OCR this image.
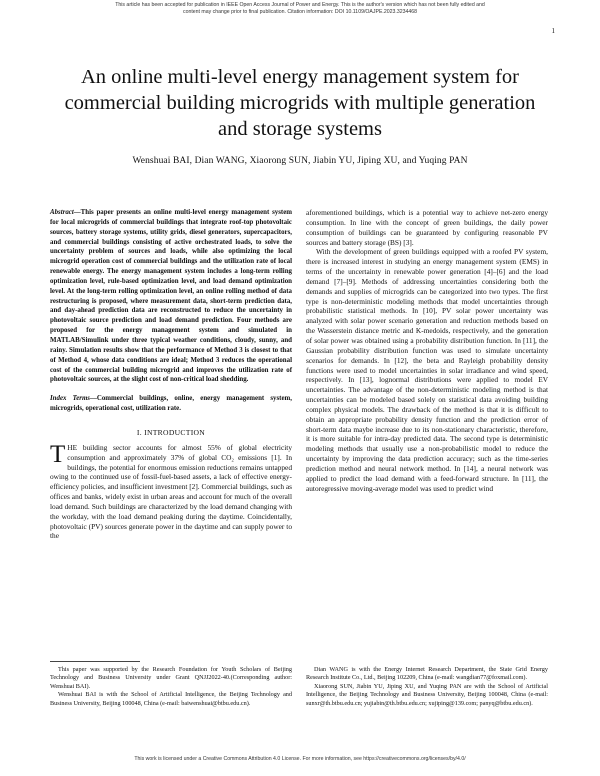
This article has been accepted for publication in IEEE Open Access Journal of Power and Energy. This is the author's version which has not been fully edited and content may change prior to final publication. Citation information: DOI 10.1109/OAJPE.2023.3234468
1
An online multi-level energy management system for commercial building microgrids with multiple generation and storage systems
Wenshuai BAI, Dian WANG, Xiaorong SUN, Jiabin YU, Jiping XU, and Yuqing PAN

Abstract—This paper presents an online multi-level energy management system for local microgrids of commercial buildings that integrate roof-top photovoltaic sources, battery storage systems, utility grids, diesel generators, supercapacitors, and commercial buildings consisting of active orchestrated loads, to solve the uncertainty problem of sources and loads, while also optimizing the local microgrid operation cost of commercial buildings and the utilization rate of local renewable energy. The energy management system includes a long-term rolling optimization level, rule-based optimization level, and load demand optimization level. At the long-term rolling optimization level, an online rolling method of data restructuring is proposed, where measurement data, short-term prediction data, and day-ahead prediction data are reconstructed to reduce the uncertainty in photovoltaic source prediction and load demand prediction. Four methods are proposed for the energy management system and simulated in MATLAB/Simulink under three typical weather conditions, cloudy, sunny, and rainy. Simulation results show that the performance of Method 3 is closest to that of Method 4, whose data conditions are ideal; Method 3 reduces the operational cost of the commercial building microgrid and improves the utilization rate of photovoltaic sources, at the slight cost of non-critical load shedding.

Index Terms—Commercial buildings, online, energy management system, microgrids, operational cost, utilization rate.

I. INTRODUCTION

THE building sector accounts for almost 55% of global electricity consumption and approximately 37% of global CO₂ emissions [1]. In buildings, the potential for enormous emission reductions remains untapped owing to the continued use of fossil-fuel-based assets, a lack of effective energy-efficiency policies, and insufficient investment [2]. Commercial buildings, such as offices and banks, widely exist in urban areas and account for much of the overall load demand. Such buildings are characterized by the load demand changing with the workday, with the load demand peaking during the daytime. Coincidentally, photovoltaic (PV) sources generate power in the daytime and can supply power to the

aforementioned buildings, which is a potential way to achieve net-zero energy consumption. In line with the concept of green buildings, the daily power consumption of buildings can be guaranteed by configuring reasonable PV sources and battery storage (BS) [3].

With the development of green buildings equipped with a roofed PV system, there is increased interest in studying an energy management system (EMS) in terms of the uncertainty in renewable power generation [4]–[6] and the load demand [7]–[9]. Methods of addressing uncertainties considering both the demands and supplies of microgrids can be categorized into two types. The first type is non-deterministic modeling methods that model uncertainties through probabilistic statistical methods. In [10], PV solar power uncertainty was analyzed with solar power scenario generation and reduction methods based on the Wasserstein distance metric and K-medoids, respectively, and the generation of solar power was obtained using a probability distribution function. In [11], the Gaussian probability distribution function was used to simulate uncertainty scenarios for demands. In [12], the beta and Rayleigh probability density functions were used to model uncertainties in solar irradiance and wind speed, respectively. In [13], lognormal distributions were applied to model EV uncertainties. The advantage of the non-deterministic modeling method is that uncertainties can be modeled based solely on statistical data avoiding building complex physical models. The drawback of the method is that it is difficult to obtain an appropriate probability density function and the prediction error of short-term data maybe increase due to its non-stationary characteristic, therefore, it is more suitable for intra-day predicted data. The second type is deterministic modeling methods that usually use a non-probabilistic model to reduce the uncertainty by improving the data prediction accuracy; such as the time-series prediction method and neural network method. In [14], a neural network was applied to predict the load demand with a feed-forward structure. In [11], the autoregressive moving-average model was used to predict wind

This paper was supported by the Research Foundation for Youth Scholars of Beijing Technology and Business University under Grant QNJJ2022-40.(Corresponding author: Wenshuai BAI).

Wenshuai BAI is with the School of Artificial Intelligence, the Beijing Technology and Business University, Beijing 100048, China (e-mail: baiwenshuai@btbu.edu.cn).

Dian WANG is with the Energy Internet Research Department, the State Grid Energy Research Institute Co., Ltd., Beijing 102209, China (e-mail: wangdian77@foxmail.com).

Xiaorong SUN, Jiabin YU, Jiping XU, and Yuqing PAN are with the School of Artificial Intelligence, the Beijing Technology and Business University, Beijing 100048, China (e-mail: sunxr@th.btbu.edu.cn; yujiabin@th.btbu.edu.cn; xujiping@139.com; panyq@btbu.edu.cn).

This work is licensed under a Creative Commons Attribution 4.0 License. For more information, see https://creativecommons.org/licenses/by/4.0/
